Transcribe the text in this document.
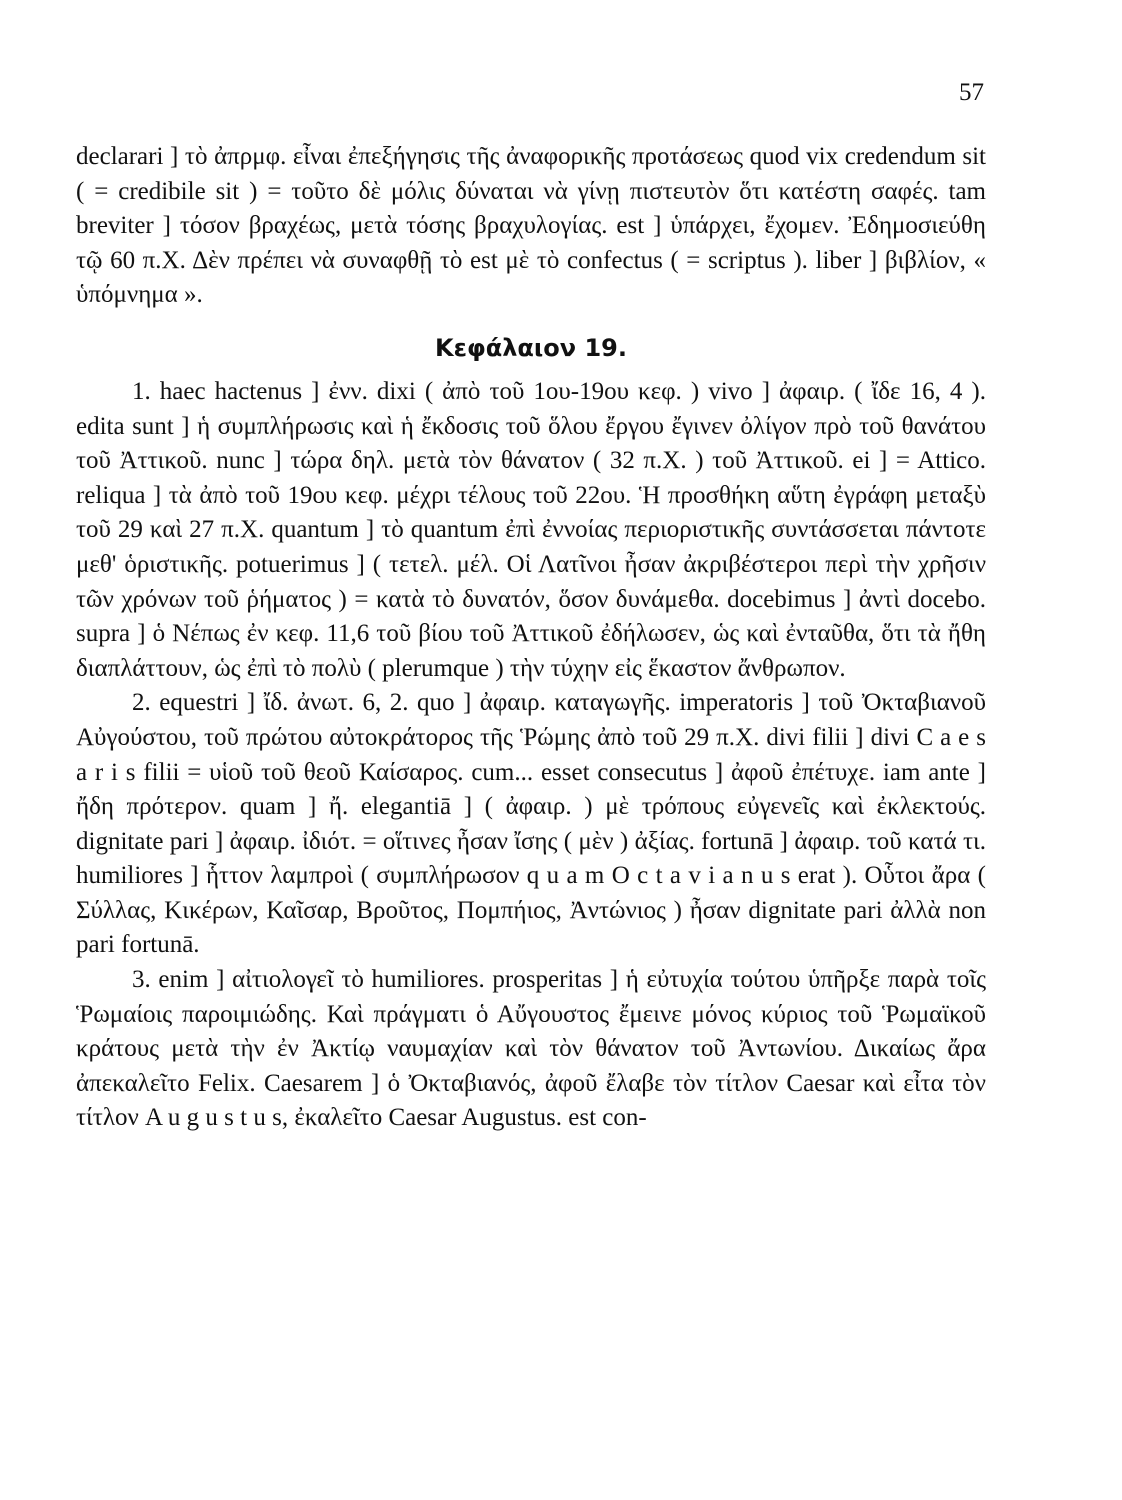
57

declarari ] τὸ ἀπρμφ. εἶναι ἐπεξήγησις τῆς ἀναφορικῆς προτάσεως quod vix credendum sit ( = credibile sit ) = τοῦτο δὲ μόλις δύναται νὰ γίνῃ πιστευτὸν ὅτι κατέστη σαφές. tam breviter ] τόσον βραχέως, μετὰ τόσης βραχυλογίας. est ] ὑπάρχει, ἔχομεν. Ἐδημοσιεύθη τῷ 60 π.Χ. Δὲν πρέπει νὰ συναφθῇ τὸ est μὲ τὸ confectus ( = scriptus ). liber ] βιβλίον, « ὑπόμνημα ».

Κεφάλαιον 19.

1. haec hactenus ] ἐνν. dixi ( ἀπὸ τοῦ 1ου-19ου κεφ. ) vivo ] ἀφαιρ. ( ἴδε 16, 4 ). edita sunt ] ἡ συμπλήρωσις καὶ ἡ ἔκδοσις τοῦ ὅλου ἔργου ἔγινεν ὀλίγον πρὸ τοῦ θανάτου τοῦ Ἀττικοῦ. nunc ] τώρα δηλ. μετὰ τὸν θάνατον ( 32 π.Χ. ) τοῦ Ἀττικοῦ. ei ] = Attico. reliqua ] τὰ ἀπὸ τοῦ 19ου κεφ. μέχρι τέλους τοῦ 22ου. Ἡ προσθήκη αὕτη ἐγράφη μεταξὺ τοῦ 29 καὶ 27 π.Χ. quantum ] τὸ quantum ἐπὶ ἐννοίας περιοριστικῆς συντάσσεται πάντοτε μεθ' ὁριστικῆς. potuerimus ] ( τετελ. μέλ. Οἱ Λατῖνοι ἦσαν ἀκριβέστεροι περὶ τὴν χρῆσιν τῶν χρόνων τοῦ ῥήματος ) = κατὰ τὸ δυνατόν, ὅσον δυνάμεθα. docebimus ] ἀντὶ docebo. supra ] ὁ Νέπως ἐν κεφ. 11,6 τοῦ βίου τοῦ Ἀττικοῦ ἐδήλωσεν, ὡς καὶ ἐνταῦθα, ὅτι τὰ ἤθη διαπλάττουν, ὡς ἐπὶ τὸ πολὺ ( plerumque ) τὴν τύχην εἰς ἕκαστον ἄνθρωπον.

2. equestri ] ἴδ. ἀνωτ. 6, 2. quo ] ἀφαιρ. καταγωγῆς. imperatoris ] τοῦ Ὀκταβιανοῦ Αὐγούστου, τοῦ πρώτου αὐτοκράτορος τῆς Ῥώμης ἀπὸ τοῦ 29 π.Χ. divi filii ] divi C a e s a r i s filii = υἱοῦ τοῦ θεοῦ Καίσαρος. cum... esset consecutus ] ἀφοῦ ἐπέτυχε. iam ante ] ἤδη πρότερον. quam ] ἤ. elegantiā ] ( ἀφαιρ. ) μὲ τρόπους εὐγενεῖς καὶ ἐκλεκτούς. dignitate pari ] ἀφαιρ. ἰδιότ. = οἵτινες ἦσαν ἴσης ( μὲν ) ἀξίας. fortunā ] ἀφαιρ. τοῦ κατά τι. humiliores ] ἧττον λαμπροὶ ( συμπλήρωσον q u a m O c t a v i a n u s erat ). Οὗτοι ἄρα ( Σύλλας, Κικέρων, Καῖσαρ, Βροῦτος, Πομπήιος, Ἀντώνιος ) ἦσαν dignitate pari ἀλλὰ non pari fortunā.

3. enim ] αἰτιολογεῖ τὸ humiliores. prosperitas ] ἡ εὐτυχία τούτου ὑπῆρξε παρὰ τοῖς Ῥωμαίοις παροιμιώδης. Καὶ πράγματι ὁ Αὔγουστος ἔμεινε μόνος κύριος τοῦ Ῥωμαϊκοῦ κράτους μετὰ τὴν ἐν Ἀκτίῳ ναυμαχίαν καὶ τὸν θάνατον τοῦ Ἀντωνίου. Δικαίως ἄρα ἀπεκαλεῖτο Felix. Caesarem ] ὁ Ὀκταβιανός, ἀφοῦ ἔλαβε τὸν τίτλον Caesar καὶ εἶτα τὸν τίτλον A u g u s t u s, ἐκαλεῖτο Caesar Augustus. est con-
